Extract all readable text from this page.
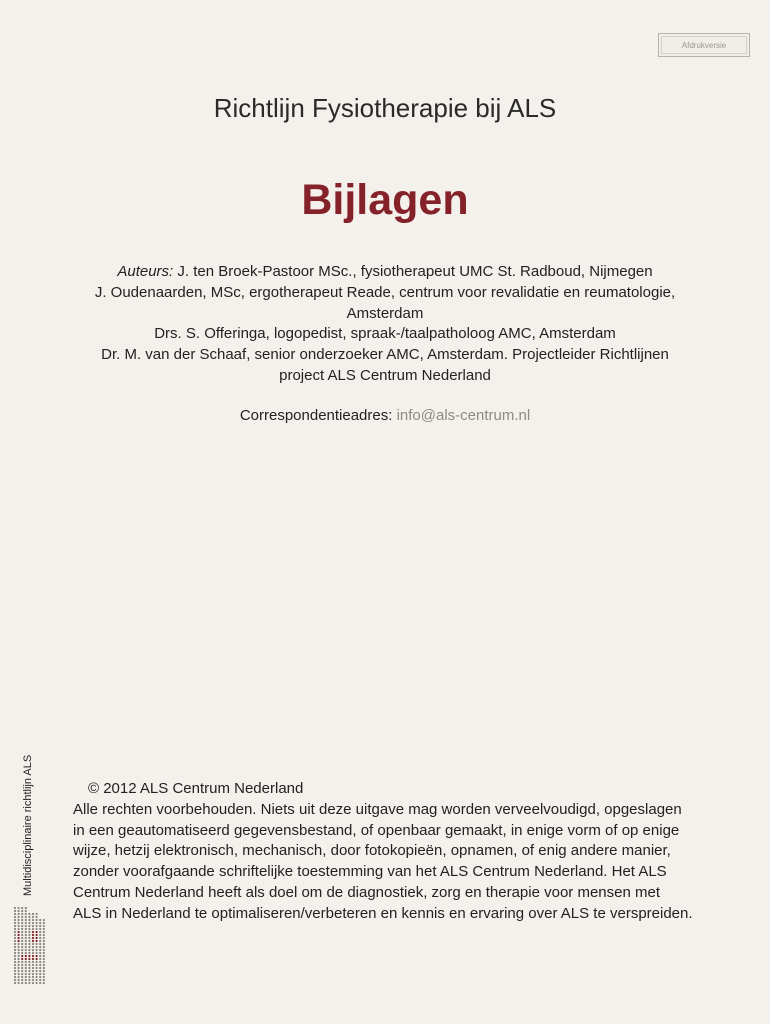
Afdrukversie
Richtlijn Fysiotherapie bij ALS
Bijlagen
Auteurs: J. ten Broek-Pastoor MSc., fysiotherapeut UMC St. Radboud, Nijmegen
J. Oudenaarden, MSc, ergotherapeut Reade, centrum voor revalidatie en reumatologie,
Amsterdam
Drs. S. Offeringa, logopedist, spraak-/taalpatholoog AMC, Amsterdam
Dr. M. van der Schaaf, senior onderzoeker AMC, Amsterdam. Projectleider Richtlijnen
project ALS Centrum Nederland
Correspondentieadres: info@als-centrum.nl
Multidisciplinaire richtlijn ALS	© 2012 ALS Centrum Nederland
Alle rechten voorbehouden. Niets uit deze uitgave mag worden verveelvoudigd, opgeslagen
in een geautomatiseerd gegevensbestand, of openbaar gemaakt, in enige vorm of op enige
wijze, hetzij elektronisch, mechanisch, door fotokopieën, opnamen, of enig andere manier,
zonder voorafgaande schriftelijke toestemming van het ALS Centrum Nederland. Het ALS
Centrum Nederland heeft als doel om de diagnostiek, zorg en therapie voor mensen met
ALS in Nederland te optimaliseren/verbeteren en kennis en ervaring over ALS te verspreiden.
